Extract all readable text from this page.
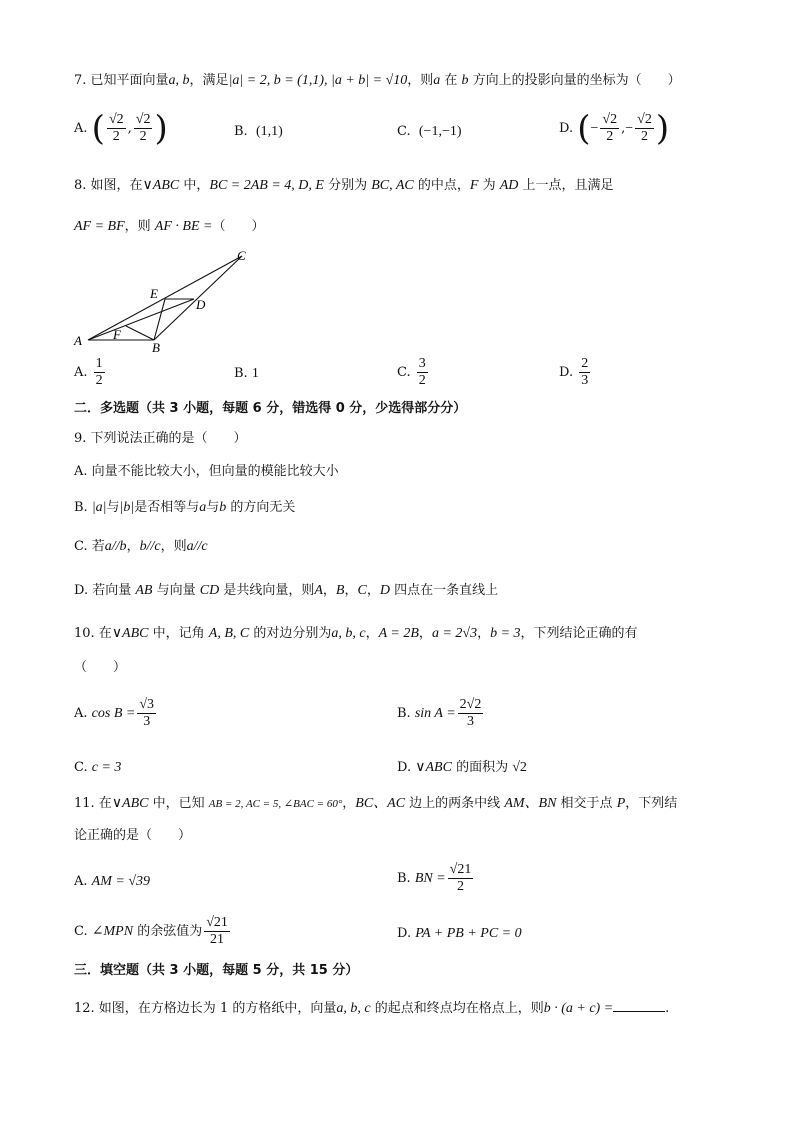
7. 已知平面向量a, b，满足|a| = 2, b = (1,1), |a + b| = √10，则a 在 b 方向上的投影向量的坐标为（　　）
A. ( $\frac{√2}{2}$ , $\frac{√2}{2}$ )	B. (1,1)	C. (−1,−1)	D. (− $\frac{√2}{2}$ ,− $\frac{√2}{2}$ )
8. 如图，在∨ABC 中，BC = 2AB = 4, D, E 分别为 BC, AC 的中点，F 为 AD 上一点，且满足
AF = BF，则 AF · BE =（　　）
A	B
C
D
E
F
A. $\frac{1}{2}$	B. 1	C. $\frac{3}{2}$	D. $\frac{2}{3}$
二．多选题（共 3 小题，每题 6 分，错选得 0 分，少选得部分分）
9. 下列说法正确的是（　　）
A. 向量不能比较大小，但向量的模能比较大小
B. |a|与|b|是否相等与a与b 的方向无关
C. 若a//b，b//c，则a//c
D. 若向量 AB 与向量 CD 是共线向量，则A，B，C，D 四点在一条直线上
10. 在∨ABC 中，记角 A, B, C 的对边分别为a, b, c，A = 2B，a = 2√3，b = 3，下列结论正确的有
（　　）
A. $\cos B = \frac{√3}{3}$	B. $\sin A = \frac{2√2}{3}$
C. c = 3	D. ∨ABC 的面积为 √2
11. 在∨ABC 中，已知 AB = 2, AC = 5, ∠BAC = 60°，BC、AC 边上的两条中线 AM、BN 相交于点 P，下列结
论正确的是（　　）
A. AM = √39	B. BN = $\frac{√21}{2}$
C. ∠MPN 的余弦值为 $\frac{√21}{21}$	D. PA + PB + PC = 0
三．填空题（共 3 小题，每题 5 分，共 15 分）
12. 如图，在方格边长为 1 的方格纸中，向量a, b, c 的起点和终点均在格点上，则b · (a + c) =	.
